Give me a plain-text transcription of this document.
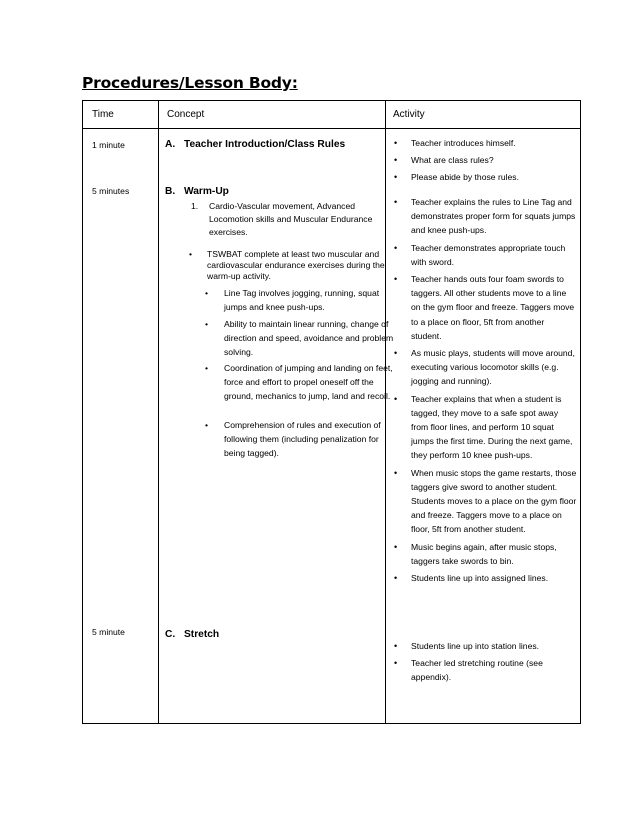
Procedures/Lesson Body:
Time	Concept	Activity
1 minute
5 minutes
5 minute
A. Teacher Introduction/Class Rules
B. Warm-Up
C. Stretch
1. Cardio-Vascular movement, Advanced Locomotion skills and Muscular Endurance exercises.
• TSWBAT complete at least two muscular and cardiovascular endurance exercises during the warm-up activity.
• Line Tag involves jogging, running, squat jumps and knee push-ups.
• Ability to maintain linear running, change of direction and speed, avoidance and problem solving.
• Coordination of jumping and landing on feet, force and effort to propel oneself off the ground, mechanics to jump, land and recoil.
• Comprehension of rules and execution of following them (including penalization for being tagged).
• Teacher introduces himself.
• What are class rules?
• Please abide by those rules.
• Teacher explains the rules to Line Tag and demonstrates proper form for squats jumps and knee push-ups.
• Teacher demonstrates appropriate touch with sword.
• Teacher hands outs four foam swords to taggers. All other students move to a line on the gym floor and freeze. Taggers move to a place on floor, 5ft from another student.
• As music plays, students will move around, executing various locomotor skills (e.g. jogging and running).
• Teacher explains that when a student is tagged, they move to a safe spot away from floor lines, and perform 10 squat jumps the first time. During the next game, they perform 10 knee push-ups.
• When music stops the game restarts, those taggers give sword to another student. Students moves to a place on the gym floor and freeze. Taggers move to a place on floor, 5ft from another student.
• Music begins again, after music stops, taggers take swords to bin.
• Students line up into assigned lines.
• Students line up into station lines.
• Teacher led stretching routine (see appendix).
